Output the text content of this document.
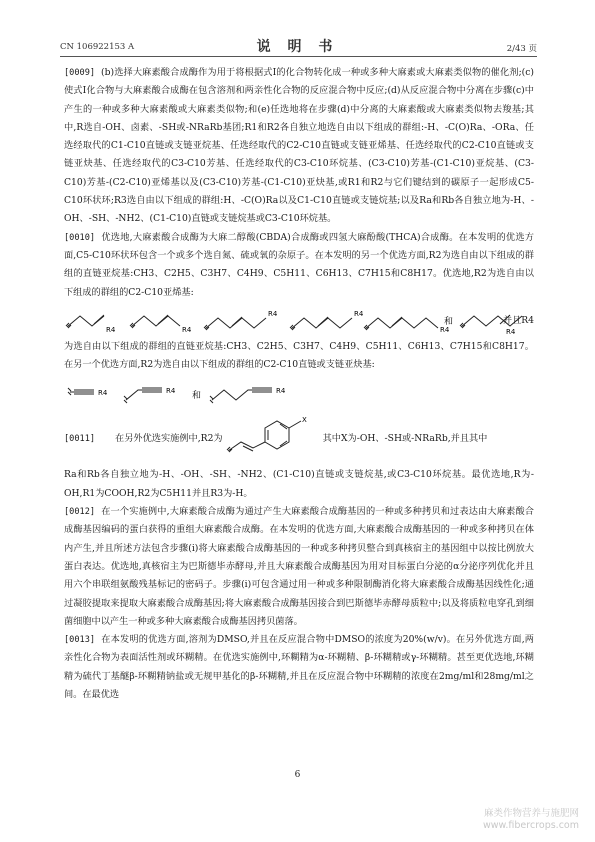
CN 106922153 A	说 明 书	2/43 页

[0009] (b)选择大麻素酸合成酶作为用于将根据式I的化合物转化成一种或多种大麻素或大麻素类似物的催化剂;(c)使式I化合物与大麻素酸合成酶在包含溶剂和两亲性化合物的反应混合物中反应;(d)从反应混合物中分离在步骤(c)中产生的一种或多种大麻素酸或大麻素类似物;和(e)任选地将在步骤(d)中分离的大麻素酸或大麻素类似物去羧基;其中,R选自-OH、卤素、-SH或-NRaRb基团;R1和R2各自独立地选自由以下组成的群组:-H、-C(O)Ra、-ORa、任选经取代的C1-C10直链或支链亚烷基、任选经取代的C2-C10直链或支链亚烯基、任选经取代的C2-C10直链或支链亚炔基、任选经取代的C3-C10芳基、任选经取代的C3-C10环烷基、(C3-C10)芳基-(C1-C10)亚烷基、(C3-C10)芳基-(C2-C10)亚烯基以及(C3-C10)芳基-(C1-C10)亚炔基,或R1和R2与它们键结到的碳原子一起形成C5-C10环状环;R3选自由以下组成的群组:H、-C(O)Ra以及C1-C10直链或支链烷基;以及Ra和Rb各自独立地为-H、-OH、-SH、-NH2、(C1-C10)直链或支链烷基或C3-C10环烷基。

[0010] 优选地,大麻素酸合成酶为大麻二醇酸(CBDA)合成酶或四氢大麻酚酸(THCA)合成酶。在本发明的优选方面,C5-C10环状环包含一个或多个选自氮、硫或氧的杂原子。在本发明的另一个优选方面,R2为选自由以下组成的群组的直链亚烷基:CH3、C2H5、C3H7、C4H9、C5H11、C6H13、C7H15和C8H17。优选地,R2为选自由以下组成的群组的C2-C10亚烯基:

R4	R4
R4	R4
R4
和
R4
并且R4

为选自由以下组成的群组的直链亚烷基:CH3、C2H5、C3H7、C4H9、C5H11、C6H13、C7H15和C8H17。在另一个优选方面,R2为选自由以下组成的群组的C2-C10直链或支链亚炔基:

R4	R4 和	R4
[0011] 在另外优选实施例中,R2为
X
其中X为-OH、-SH或-NRaRb,并且其中

Ra和Rb各自独立地为-H、-OH、-SH、-NH2、(C1-C10)直链或支链烷基,或C3-C10环烷基。最优选地,R为-OH,R1为COOH,R2为C5H11并且R3为-H。

[0012] 在一个实施例中,大麻素酸合成酶为通过产生大麻素酸合成酶基因的一种或多种拷贝和过表达由大麻素酸合成酶基因编码的蛋白获得的重组大麻素酸合成酶。在本发明的优选方面,大麻素酸合成酶基因的一种或多种拷贝在体内产生,并且所述方法包含步骤(i)将大麻素酸合成酶基因的一种或多种拷贝整合到真核宿主的基因组中以按比例放大蛋白表达。优选地,真核宿主为巴斯德毕赤酵母,并且大麻素酸合成酶基因为用对目标蛋白分泌的α分泌序列优化并且用六个串联组氨酸残基标记的密码子。步骤(i)可包含通过用一种或多种限制酶消化将大麻素酸合成酶基因线性化;通过凝胶提取来提取大麻素酸合成酶基因;将大麻素酸合成酶基因接合到巴斯德毕赤酵母质粒中;以及将质粒电穿孔到细菌细胞中以产生一种或多种大麻素酸合成酶基因拷贝菌落。

[0013] 在本发明的优选方面,溶剂为DMSO,并且在反应混合物中DMSO的浓度为20%(w/v)。在另外优选方面,两亲性化合物为表面活性剂或环糊精。在优选实施例中,环糊精为α-环糊精、β-环糊精或γ-环糊精。甚至更优选地,环糊精为硫代丁基醚β-环糊精钠盐或无规甲基化的β-环糊精,并且在反应混合物中环糊精的浓度在2mg/ml和28mg/ml之间。在最优选

6
麻类作物营养与施肥网
www.fibercrops.com
